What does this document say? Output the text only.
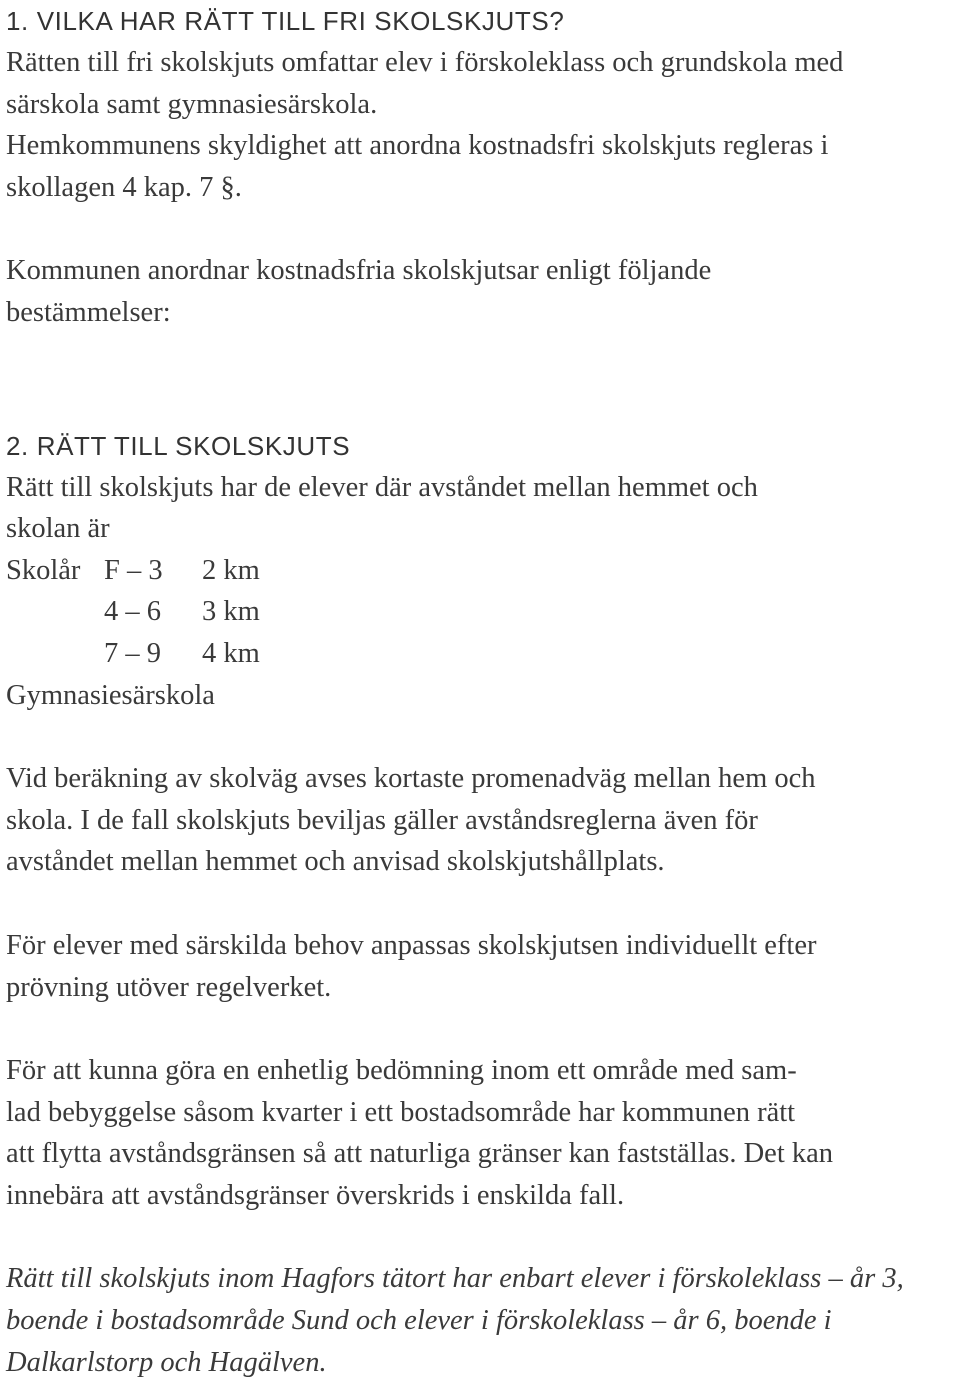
1. VILKA HAR RÄTT TILL FRI SKOLSKJUTS?
Rätten till fri skolskjuts omfattar elev i förskoleklass och grundskola med
särskola samt gymnasiesärskola.
Hemkommunens skyldighet att anordna kostnadsfri skolskjuts regleras i
skollagen 4 kap. 7 §.
Kommunen anordnar kostnadsfria skolskjutsar enligt följande
bestämmelser:
2. RÄTT TILL SKOLSKJUTS
Rätt till skolskjuts har de elever där avståndet mellan hemmet och
skolan är
Skolår F – 3	2 km
4 – 6	3 km
7 – 9	4 km
Gymnasiesärskola
Vid beräkning av skolväg avses kortaste promenadväg mellan hem och
skola. I de fall skolskjuts beviljas gäller avståndsreglerna även för
avståndet mellan hemmet och anvisad skolskjutshållplats.
För elever med särskilda behov anpassas skolskjutsen individuellt efter
prövning utöver regelverket.
För att kunna göra en enhetlig bedömning inom ett område med sam-
lad bebyggelse såsom kvarter i ett bostadsområde har kommunen rätt
att flytta avståndsgränsen så att naturliga gränser kan fastställas. Det kan
innebära att avståndsgränser överskrids i enskilda fall.
Rätt till skolskjuts inom Hagfors tätort har enbart elever i förskoleklass – år 3,
boende i bostadsområde Sund och elever i förskoleklass – år 6, boende i
Dalkarlstorp och Hagälven.
